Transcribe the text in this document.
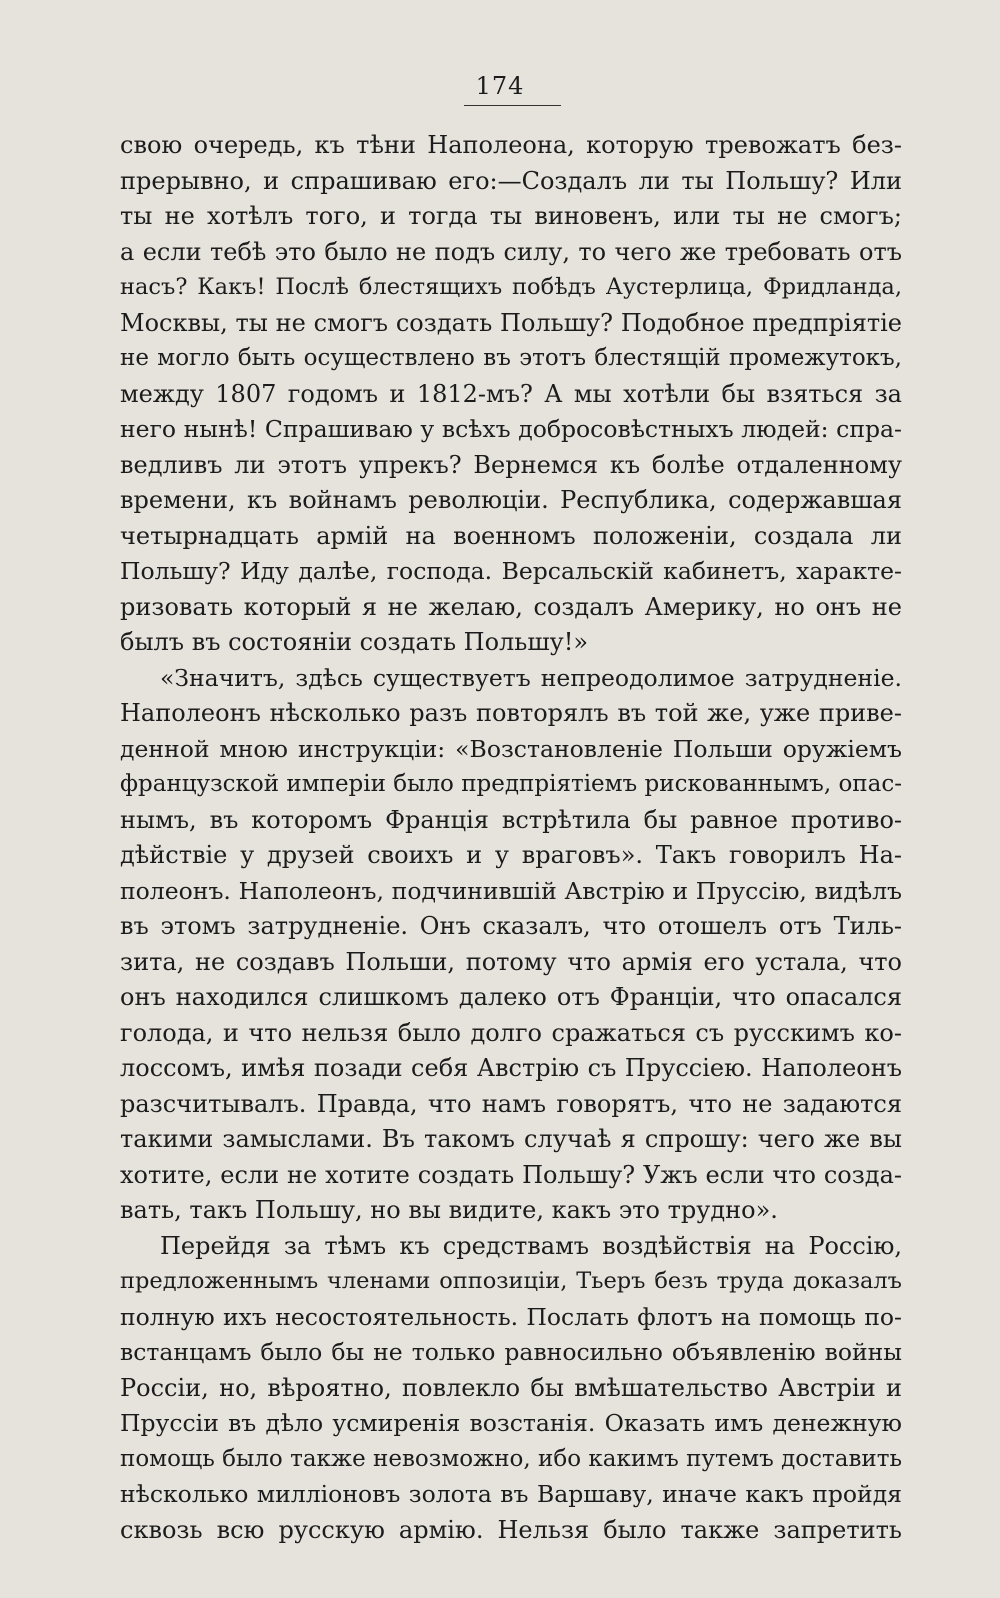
174
свою очередь, къ тѣни Наполеона, которую тревожатъ без-
прерывно, и спрашиваю его:—Создалъ ли ты Польшу? Или
ты не хотѣлъ того, и тогда ты виновенъ, или ты не смогъ;
а если тебѣ это было не подъ силу, то чего же требовать отъ
насъ? Какъ! Послѣ блестящихъ побѣдъ Аустерлица, Фридланда,
Москвы, ты не смогъ создать Польшу? Подобное предпріятіе
не могло быть осуществлено въ этотъ блестящій промежутокъ,
между 1807 годомъ и 1812-мъ? А мы хотѣли бы взяться за
него нынѣ! Спрашиваю у всѣхъ добросовѣстныхъ людей: спра-
ведливъ ли этотъ упрекъ? Вернемся къ болѣе отдаленному
времени, къ войнамъ революціи. Республика, содержавшая
четырнадцать армій на военномъ положеніи, создала ли
Польшу? Иду далѣе, господа. Версальскій кабинетъ, характе-
ризовать который я не желаю, создалъ Америку, но онъ не
былъ въ состояніи создать Польшу!»
«Значитъ, здѣсь существуетъ непреодолимое затрудненіе.
Наполеонъ нѣсколько разъ повторялъ въ той же, уже приве-
денной мною инструкціи: «Возстановленіе Польши оружіемъ
французской имперіи было предпріятіемъ рискованнымъ, опас-
нымъ, въ которомъ Франція встрѣтила бы равное противо-
дѣйствіе у друзей своихъ и у враговъ». Такъ говорилъ На-
полеонъ. Наполеонъ, подчинившій Австрію и Пруссію, видѣлъ
въ этомъ затрудненіе. Онъ сказалъ, что отошелъ отъ Тиль-
зита, не создавъ Польши, потому что армія его устала, что
онъ находился слишкомъ далеко отъ Франціи, что опасался
голода, и что нельзя было долго сражаться съ русскимъ ко-
лоссомъ, имѣя позади себя Австрію съ Пруссіею. Наполеонъ
разсчитывалъ. Правда, что намъ говорятъ, что не задаются
такими замыслами. Въ такомъ случаѣ я спрошу: чего же вы
хотите, если не хотите создать Польшу? Ужъ если что созда-
вать, такъ Польшу, но вы видите, какъ это трудно».
Перейдя за тѣмъ къ средствамъ воздѣйствія на Россію,
предложеннымъ членами оппозиціи, Тьеръ безъ труда доказалъ
полную ихъ несостоятельность. Послать флотъ на помощь по-
встанцамъ было бы не только равносильно объявленію войны
Россіи, но, вѣроятно, повлекло бы вмѣшательство Австріи и
Пруссіи въ дѣло усмиренія возстанія. Оказать имъ денежную
помощь было также невозможно, ибо какимъ путемъ доставить
нѣсколько милліоновъ золота въ Варшаву, иначе какъ пройдя
сквозь всю русскую армію. Нельзя было также запретить
